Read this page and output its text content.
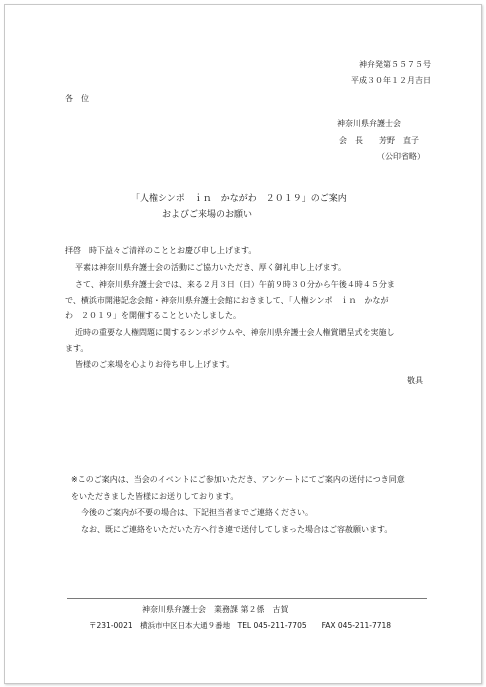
神弁発第５５７５号
平成３０年１２月吉日
各　位
神奈川県弁護士会
会　長　　芳野　直子
（公印省略）
「人権シンポ　ｉｎ　かながわ　２０１９」のご案内
およびご来場のお願い
拝啓　時下益々ご清祥のこととお慶び申し上げます。
平素は神奈川県弁護士会の活動にご協力いただき、厚く御礼申し上げます。
さて、神奈川県弁護士会では、来る２月３日（日）午前９時３０分から午後４時４５分ま
で、横浜市開港記念会館・神奈川県弁護士会館におきまして、「人権シンポ　ｉｎ　かなが
わ　２０１９」を開催することといたしました。
近時の重要な人権問題に関するシンポジウムや、神奈川県弁護士会人権賞贈呈式を実施し
ます。
皆様のご来場を心よりお待ち申し上げます。
敬具
※このご案内は、当会のイベントにご参加いただき、アンケートにてご案内の送付につき同意
をいただきました皆様にお送りしております。
今後のご案内が不要の場合は、下記担当者までご連絡ください。
なお、既にご連絡をいただいた方へ行き違で送付してしまった場合はご容赦願います。
神奈川県弁護士会　業務課 第２係　古賀
〒231-0021　横浜市中区日本大通９番地　TEL 045-211-7705　　FAX 045-211-7718
